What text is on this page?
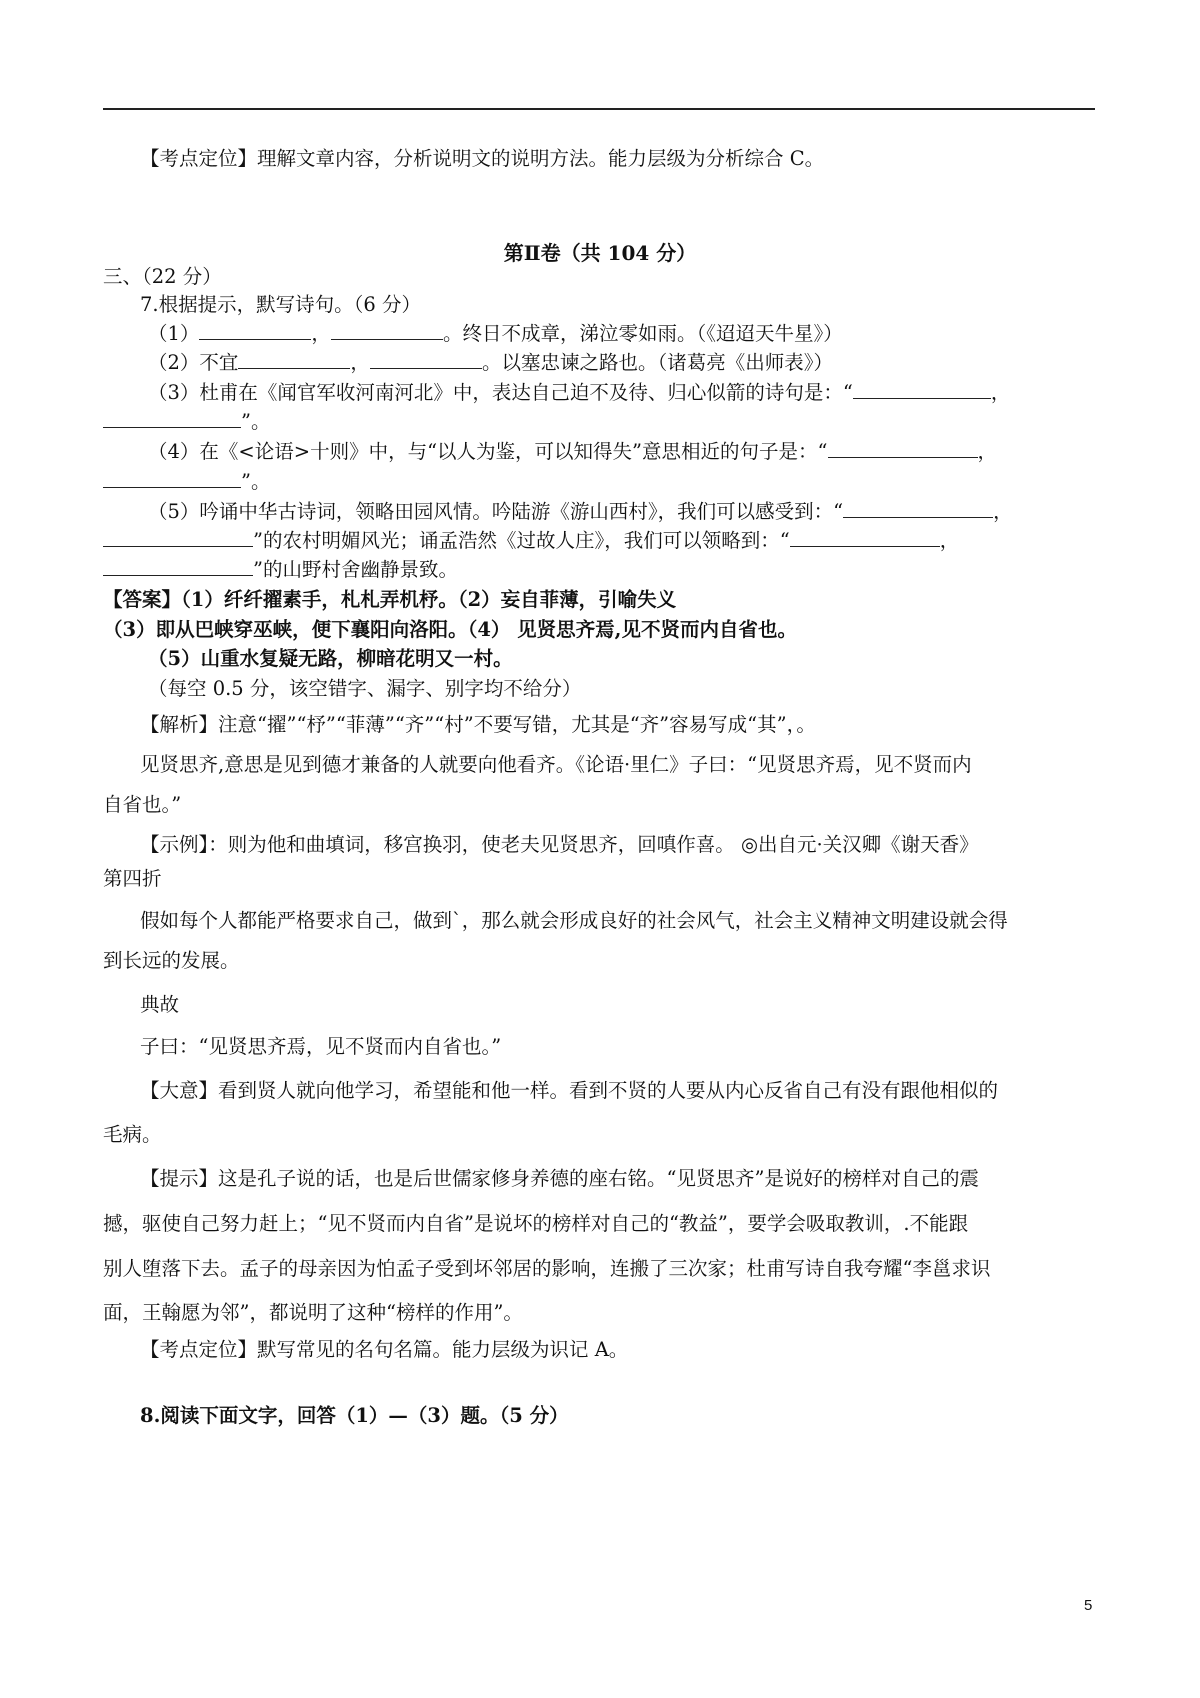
【考点定位】理解文章内容，分析说明文的说明方法。能力层级为分析综合 C。
第Ⅱ卷（共 104 分）
三、（22 分）
7.根据提示，默写诗句。（6 分）
（1）	，	。终日不成章，涕泣零如雨。（《迢迢天牛星》）
（2）不宜	，	。以塞忠谏之路也。（诸葛亮《出师表》）
（3）杜甫在《闻官军收河南河北》中，表达自己迫不及待、归心似箭的诗句是：“	，
”。
（4）在《<论语>十则》中，与“以人为鉴，可以知得失”意思相近的句子是：“	，
”。
（5）吟诵中华古诗词，领略田园风情。吟陆游《游山西村》，我们可以感受到：“	，
”的农村明媚风光；诵孟浩然《过故人庄》，我们可以领略到：“	，
”的山野村舍幽静景致。
【答案】（1）纤纤擢素手，札札弄机杼。（2）妄自菲薄，引喻失义
（3）即从巴峡穿巫峡，便下襄阳向洛阳。（4） 见贤思齐焉,见不贤而内自省也。
（5）山重水复疑无路，柳暗花明又一村。
（每空 0.5 分，该空错字、漏字、别字均不给分）
【解析】注意“擢”“杼”“菲薄”“齐”“村”不要写错，尤其是“齐”容易写成“其”，。
见贤思齐,意思是见到德才兼备的人就要向他看齐。《论语·里仁》子曰：“见贤思齐焉，见不贤而内
自省也。”
【示例】：则为他和曲填词，移宫换羽，使老夫见贤思齐，回嗔作喜。 ◎出自元·关汉卿《谢天香》
第四折
假如每个人都能严格要求自己，做到`，那么就会形成良好的社会风气，社会主义精神文明建设就会得
到长远的发展。
典故
子曰：“见贤思齐焉，见不贤而内自省也。”
【大意】看到贤人就向他学习，希望能和他一样。看到不贤的人要从内心反省自己有没有跟他相似的
毛病。
【提示】这是孔子说的话，也是后世儒家修身养德的座右铭。“见贤思齐”是说好的榜样对自己的震
撼，驱使自己努力赶上；“见不贤而内自省”是说坏的榜样对自己的“教益”，要学会吸取教训，.不能跟
别人堕落下去。孟子的母亲因为怕孟子受到坏邻居的影响，连搬了三次家；杜甫写诗自我夸耀“李邕求识
面，王翰愿为邻”，都说明了这种“榜样的作用”。
【考点定位】默写常见的名句名篇。能力层级为识记 A。
8.阅读下面文字，回答（1）—（3）题。（5 分）
5
